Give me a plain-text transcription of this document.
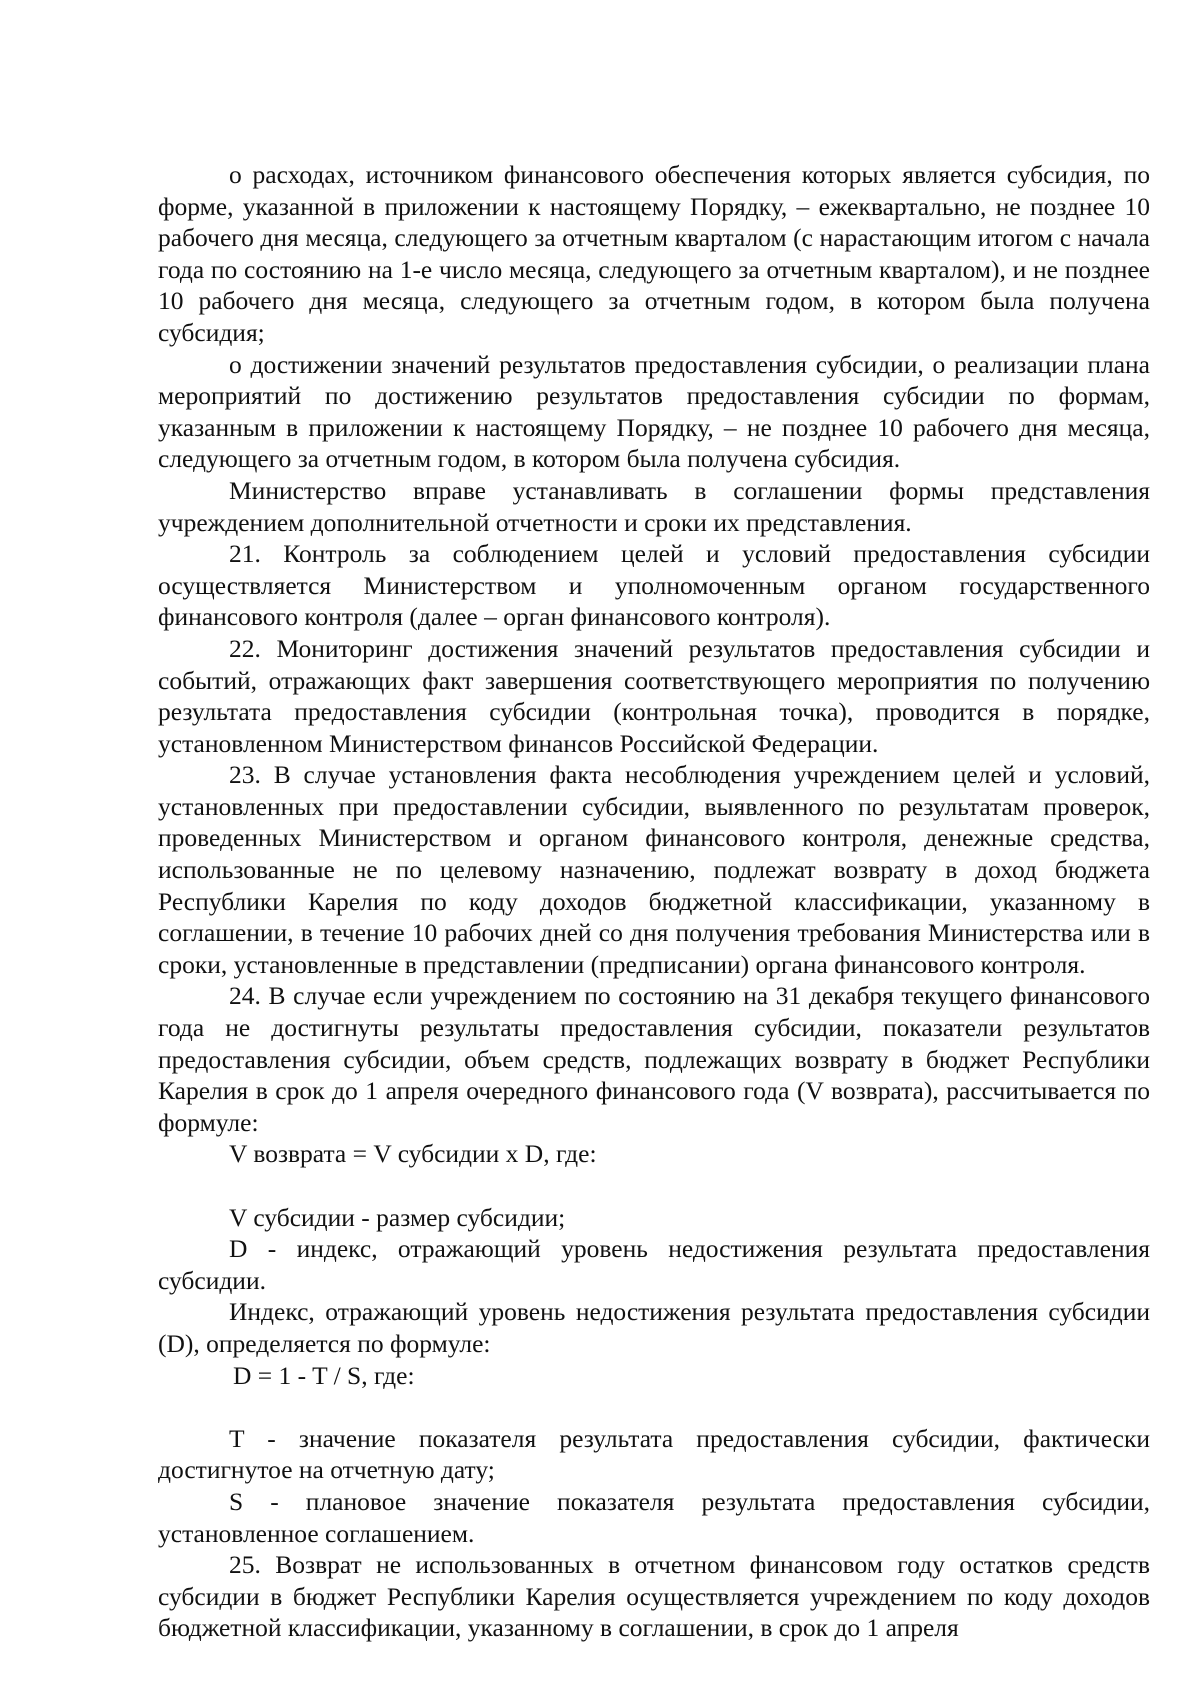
о расходах, источником финансового обеспечения которых является субсидия, по форме, указанной в приложении к настоящему Порядку, – ежеквартально, не позднее 10 рабочего дня месяца, следующего за отчетным кварталом (с нарастающим итогом с начала года по состоянию на 1-е число месяца, следующего за отчетным кварталом), и не позднее 10 рабочего дня месяца, следующего за отчетным годом, в котором была получена субсидия;

о достижении значений результатов предоставления субсидии, о реализации плана мероприятий по достижению результатов предоставления субсидии по формам, указанным в приложении к настоящему Порядку, – не позднее 10 рабочего дня месяца, следующего за отчетным годом, в котором была получена субсидия.

Министерство вправе устанавливать в соглашении формы представления учреждением дополнительной отчетности и сроки их представления.

21. Контроль за соблюдением целей и условий предоставления субсидии осуществляется Министерством и уполномоченным органом государственного финансового контроля (далее – орган финансового контроля).

22. Мониторинг достижения значений результатов предоставления субсидии и событий, отражающих факт завершения соответствующего мероприятия по получению результата предоставления субсидии (контрольная точка), проводится в порядке, установленном Министерством финансов Российской Федерации.

23. В случае установления факта несоблюдения учреждением целей и условий, установленных при предоставлении субсидии, выявленного по результатам проверок, проведенных Министерством и органом финансового контроля, денежные средства, использованные не по целевому назначению, подлежат возврату в доход бюджета Республики Карелия по коду доходов бюджетной классификации, указанному в соглашении, в течение 10 рабочих дней со дня получения требования Министерства или в сроки, установленные в представлении (предписании) органа финансового контроля.

24. В случае если учреждением по состоянию на 31 декабря текущего финансового года не достигнуты результаты предоставления субсидии, показатели результатов предоставления субсидии, объем средств, подлежащих возврату в бюджет Республики Карелия в срок до 1 апреля очередного финансового года (V возврата), рассчитывается по формуле:

V возврата = V субсидии x D, где:

V субсидии - размер субсидии;

D - индекс, отражающий уровень недостижения результата предоставления субсидии.

Индекс, отражающий уровень недостижения результата предоставления субсидии (D), определяется по формуле:

D = 1 - T / S, где:

T - значение показателя результата предоставления субсидии, фактически достигнутое на отчетную дату;

S - плановое значение показателя результата предоставления субсидии, установленное соглашением.

25. Возврат не использованных в отчетном финансовом году остатков средств субсидии в бюджет Республики Карелия осуществляется учреждением по коду доходов бюджетной классификации, указанному в соглашении, в срок до 1 апреля
